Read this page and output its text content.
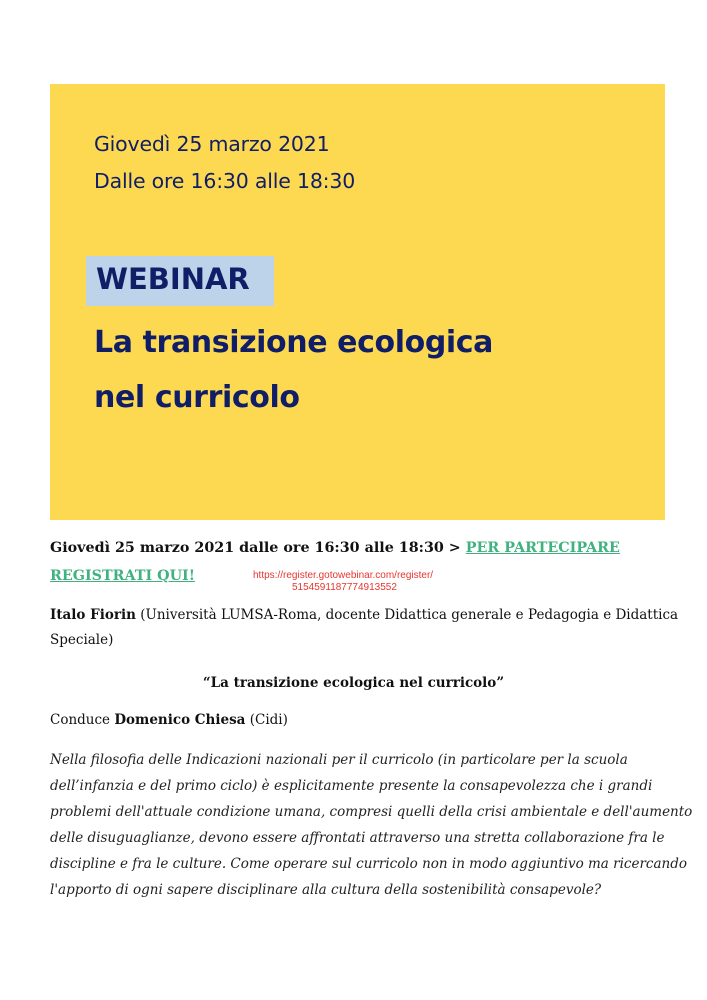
Giovedì 25 marzo 2021
Dalle ore 16:30 alle 18:30
WEBINAR
La transizione ecologica
nel curricolo
Giovedì 25 marzo 2021 dalle ore 16:30 alle 18:30 > PER PARTECIPARE
REGISTRATI QUI!	https://register.gotowebinar.com/register/
5154591187774913552
Italo Fiorin (Università LUMSA-Roma, docente Didattica generale e Pedagogia e Didattica
Speciale)
“La transizione ecologica nel curricolo”
Conduce Domenico Chiesa (Cidi)
Nella filosofia delle Indicazioni nazionali per il curricolo (in particolare per la scuola
dell’infanzia e del primo ciclo) è esplicitamente presente la consapevolezza che i grandi
problemi dell'attuale condizione umana, compresi quelli della crisi ambientale e dell'aumento
delle disuguaglianze, devono essere affrontati attraverso una stretta collaborazione fra le
discipline e fra le culture. Come operare sul curricolo non in modo aggiuntivo ma ricercando
l'apporto di ogni sapere disciplinare alla cultura della sostenibilità consapevole?
